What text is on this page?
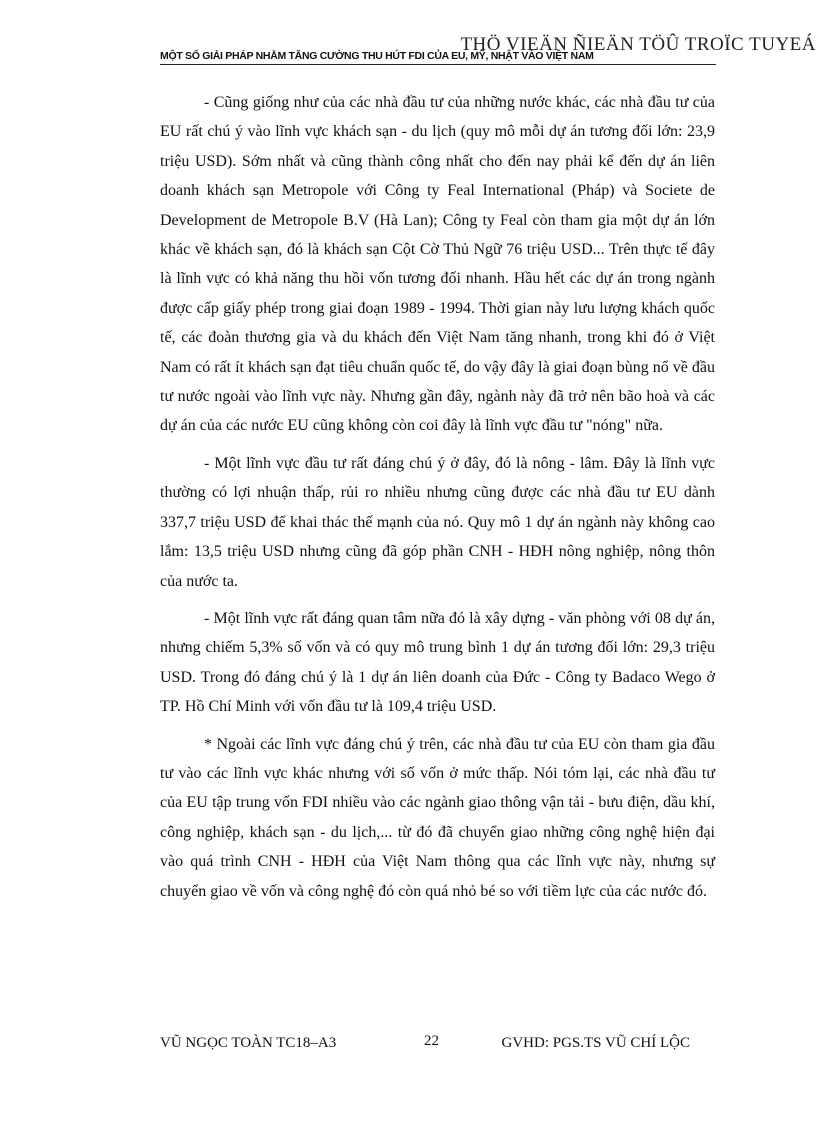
THÖ VIEÄN ÑIEÄN TÖÛ TROÏC TUYEÁ
MỘT SỐ GIẢI PHÁP NHẰM TĂNG CƯỜNG THU HÚT FDI CỦA EU, MỸ, NHẬT VÀO VIỆT NAM

- Cũng giống như của các nhà đầu tư của những nước khác, các nhà đầu tư của EU rất chú ý vào lĩnh vực khách sạn - du lịch (quy mô mỗi dự án tương đối lớn: 23,9 triệu USD). Sớm nhất và cũng thành công nhất cho đến nay phải kể đến dự án liên doanh khách sạn Metropole với Công ty Feal International (Pháp) và Societe de Development de Metropole B.V (Hà Lan); Công ty Feal còn tham gia một dự án lớn khác về khách sạn, đó là khách sạn Cột Cờ Thủ Ngữ 76 triệu USD... Trên thực tế đây là lĩnh vực có khả năng thu hồi vốn tương đối nhanh. Hầu hết các dự án trong ngành được cấp giấy phép trong giai đoạn 1989 - 1994. Thời gian này lưu lượng khách quốc tế, các đoàn thương gia và du khách đến Việt Nam tăng nhanh, trong khi đó ở Việt Nam có rất ít khách sạn đạt tiêu chuẩn quốc tế, do vậy đây là giai đoạn bùng nổ về đầu tư nước ngoài vào lĩnh vực này. Nhưng gần đây, ngành này đã trở nên bão hoà và các dự án của các nước EU cũng không còn coi đây là lĩnh vực đầu tư "nóng" nữa.

- Một lĩnh vực đầu tư rất đáng chú ý ở đây, đó là nông - lâm. Đây là lĩnh vực thường có lợi nhuận thấp, rủi ro nhiều nhưng cũng được các nhà đầu tư EU dành 337,7 triệu USD để khai thác thế mạnh của nó. Quy mô 1 dự án ngành này không cao lắm: 13,5 triệu USD nhưng cũng đã góp phần CNH - HĐH nông nghiệp, nông thôn của nước ta.

- Một lĩnh vực rất đáng quan tâm nữa đó là xây dựng - văn phòng với 08 dự án, nhưng chiếm 5,3% số vốn và có quy mô trung bình 1 dự án tương đối lớn: 29,3 triệu USD. Trong đó đáng chú ý là 1 dự án liên doanh của Đức - Công ty Badaco Wego ở TP. Hồ Chí Minh với vốn đầu tư là 109,4 triệu USD.

* Ngoài các lĩnh vực đáng chú ý trên, các nhà đầu tư của EU còn tham gia đầu tư vào các lĩnh vực khác nhưng với số vốn ở mức thấp. Nói tóm lại, các nhà đầu tư của EU tập trung vốn FDI nhiều vào các ngành giao thông vận tải - bưu điện, dầu khí, công nghiệp, khách sạn - du lịch,... từ đó đã chuyển giao những công nghệ hiện đại vào quá trình CNH - HĐH của Việt Nam thông qua các lĩnh vực này, nhưng sự chuyển giao về vốn và công nghệ đó còn quá nhỏ bé so với tiềm lực của các nước đó.

VŨ NGỌC TOÀN TC18–A3	22	GVHD: PGS.TS VŨ CHÍ LỘC
